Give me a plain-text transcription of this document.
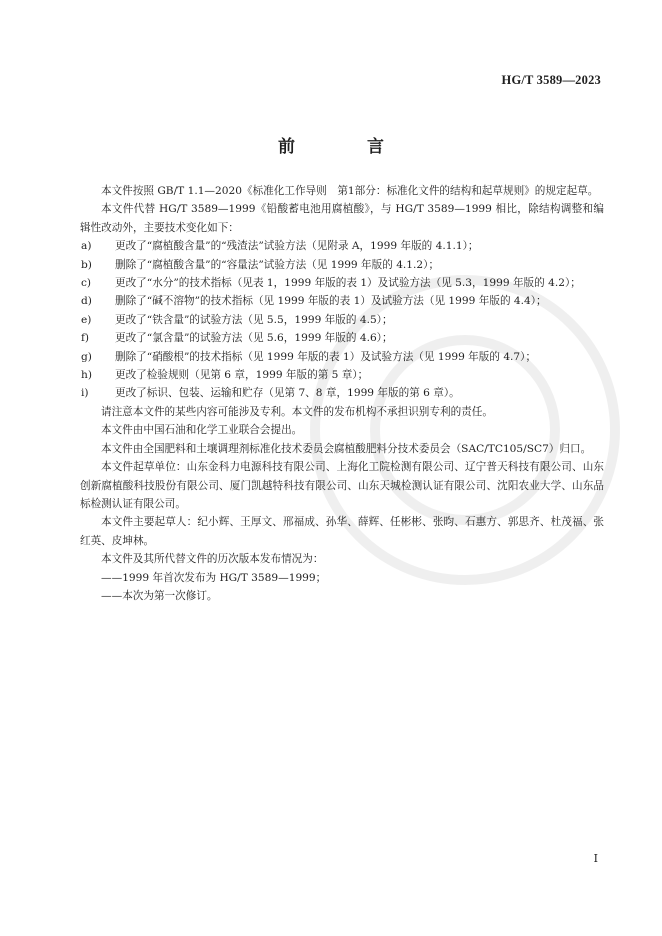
HG/T 3589—2023
前 言

本文件按照 GB/T 1.1—2020《标准化工作导则　第1部分：标准化文件的结构和起草规则》的规定起草。

本文件代替 HG/T 3589—1999《铅酸蓄电池用腐植酸》，与 HG/T 3589—1999 相比，除结构调整和编辑性改动外，主要技术变化如下：

a) 更改了“腐植酸含量”的“残渣法”试验方法（见附录 A，1999 年版的 4.1.1）；

b) 删除了“腐植酸含量”的“容量法”试验方法（见 1999 年版的 4.1.2）；

c) 更改了“水分”的技术指标（见表 1，1999 年版的表 1）及试验方法（见 5.3，1999 年版的 4.2）；

d) 删除了“碱不溶物”的技术指标（见 1999 年版的表 1）及试验方法（见 1999 年版的 4.4）；

e) 更改了“铁含量”的试验方法（见 5.5，1999 年版的 4.5）；

f) 更改了“氯含量”的试验方法（见 5.6，1999 年版的 4.6）；

g) 删除了“硝酸根”的技术指标（见 1999 年版的表 1）及试验方法（见 1999 年版的 4.7）；

h) 更改了检验规则（见第 6 章，1999 年版的第 5 章）；

i) 更改了标识、包装、运输和贮存（见第 7、8 章，1999 年版的第 6 章）。

请注意本文件的某些内容可能涉及专利。本文件的发布机构不承担识别专利的责任。

本文件由中国石油和化学工业联合会提出。

本文件由全国肥料和土壤调理剂标准化技术委员会腐植酸肥料分技术委员会（SAC/TC105/SC7）归口。

本文件起草单位：山东金科力电源科技有限公司、上海化工院检测有限公司、辽宁普天科技有限公司、山东创新腐植酸科技股份有限公司、厦门凯越特科技有限公司、山东天城检测认证有限公司、沈阳农业大学、山东品标检测认证有限公司。

本文件主要起草人：纪小辉、王厚文、邢福成、孙华、薛辉、任彬彬、张昀、石惠方、郭思齐、杜茂福、张红英、皮坤林。

本文件及其所代替文件的历次版本发布情况为：

——1999 年首次发布为 HG/T 3589—1999；

——本次为第一次修订。

I
